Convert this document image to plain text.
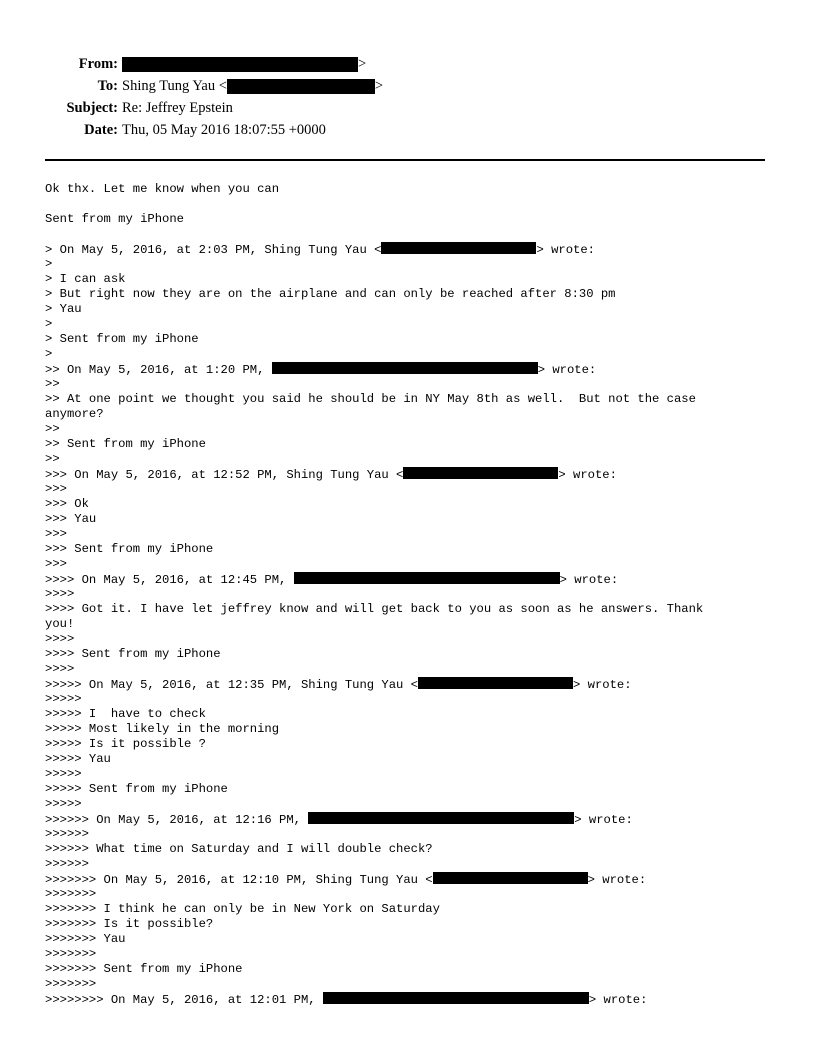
From:	>
To: Shing Tung Yau <	>
Subject: Re: Jeffrey Epstein
Date: Thu, 05 May 2016 18:07:55 +0000
Ok thx. Let me know when you can
Sent from my iPhone
> On May 5, 2016, at 2:03 PM, Shing Tung Yau <	> wrote:
>
> I can ask
> But right now they are on the airplane and can only be reached after 8:30 pm
> Yau
>
> Sent from my iPhone
>
>> On May 5, 2016, at 1:20 PM,	> wrote:
>>
>> At one point we thought you said he should be in NY May 8th as well.  But not the case
anymore?
>>
>> Sent from my iPhone
>>
>>> On May 5, 2016, at 12:52 PM, Shing Tung Yau <	> wrote:
>>>
>>> Ok
>>> Yau
>>>
>>> Sent from my iPhone
>>>
>>>> On May 5, 2016, at 12:45 PM,	> wrote:
>>>>
>>>> Got it. I have let jeffrey know and will get back to you as soon as he answers. Thank
you!
>>>>
>>>> Sent from my iPhone
>>>>
>>>>> On May 5, 2016, at 12:35 PM, Shing Tung Yau <	> wrote:
>>>>>
>>>>> I  have to check
>>>>> Most likely in the morning
>>>>> Is it possible ?
>>>>> Yau
>>>>>
>>>>> Sent from my iPhone
>>>>>
>>>>>> On May 5, 2016, at 12:16 PM,	> wrote:
>>>>>>
>>>>>> What time on Saturday and I will double check?
>>>>>>
>>>>>>> On May 5, 2016, at 12:10 PM, Shing Tung Yau <	> wrote:
>>>>>>>
>>>>>>> I think he can only be in New York on Saturday
>>>>>>> Is it possible?
>>>>>>> Yau
>>>>>>>
>>>>>>> Sent from my iPhone
>>>>>>>
>>>>>>>> On May 5, 2016, at 12:01 PM,	> wrote:
